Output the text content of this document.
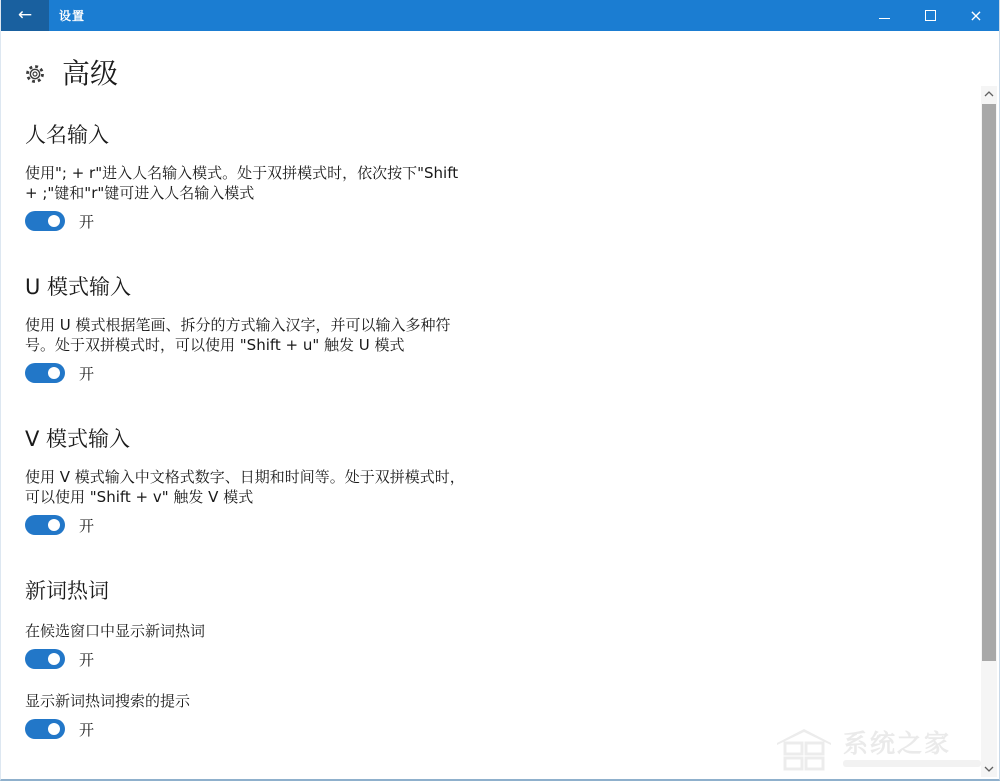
← 设置	×
高级
人名输入
使用"; + r"进入人名输入模式。处于双拼模式时，依次按下"Shift
+ ;"键和"r"键可进入人名输入模式
开
U 模式输入
使用 U 模式根据笔画、拆分的方式输入汉字，并可以输入多种符
号。处于双拼模式时，可以使用 "Shift + u" 触发 U 模式
开
V 模式输入
使用 V 模式输入中文格式数字、日期和时间等。处于双拼模式时，
可以使用 "Shift + v" 触发 V 模式
开
新词热词
在候选窗口中显示新词热词
开
显示新词热词搜索的提示
开	系统之家
